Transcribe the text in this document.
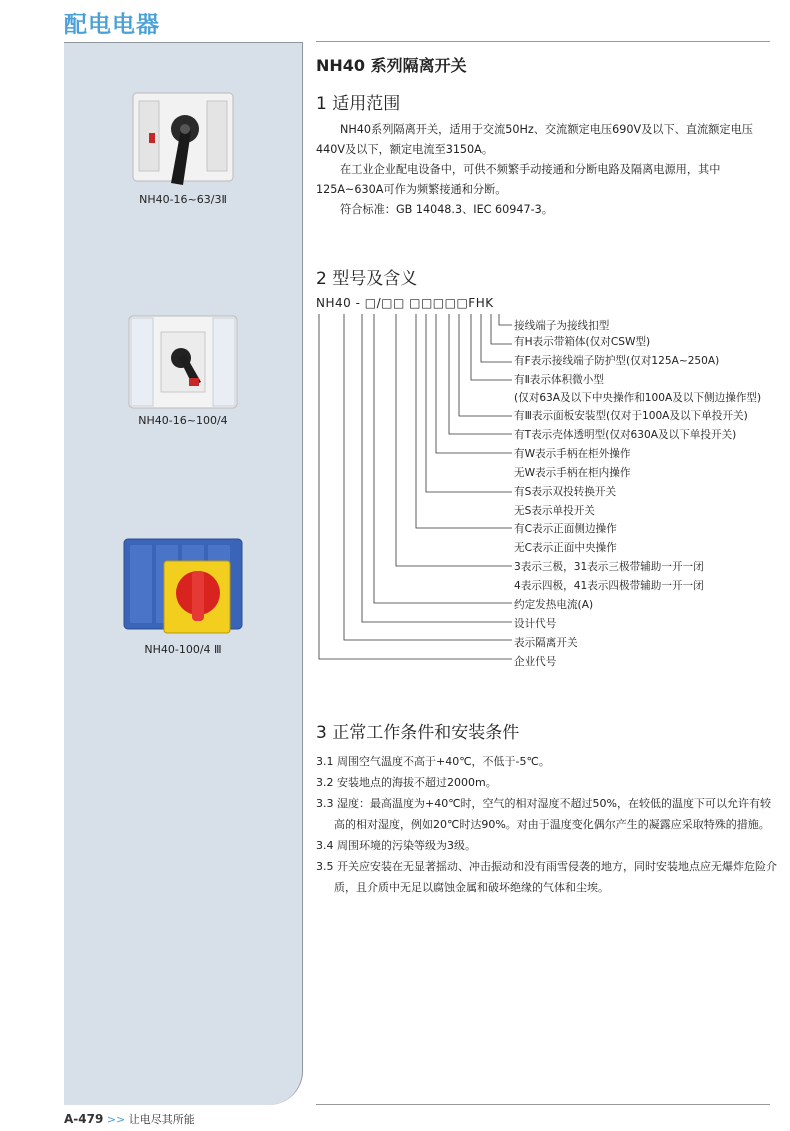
配电电器
NH40-16~63/3Ⅱ
NH40-16~100/4
NH40-100/4 Ⅲ
NH40 系列隔离开关
1 适用范围

NH40系列隔离开关，适用于交流50Hz、交流额定电压690V及以下、直流额定电压440V及以下，额定电流至3150A。

在工业企业配电设备中，可供不频繁手动接通和分断电路及隔离电源用，其中125A~630A可作为频繁接通和分断。

符合标准：GB 14048.3、IEC 60947-3。

2 型号及含义
NH40 - □/□□ □□□□□FHK
接线端子为接线扣型
有H表示带箱体(仅对CSW型)
有F表示接线端子防护型(仅对125A~250A)
有Ⅱ表示体积微小型
(仅对63A及以下中央操作和100A及以下侧边操作型)
有Ⅲ表示面板安装型(仅对于100A及以下单投开关)
有T表示壳体透明型(仅对630A及以下单投开关)
有W表示手柄在柜外操作
无W表示手柄在柜内操作
有S表示双投转换开关
无S表示单投开关
有C表示正面侧边操作
无C表示正面中央操作
3表示三极，31表示三极带辅助一开一闭
4表示四极，41表示四极带辅助一开一闭
约定发热电流(A)
设计代号
表示隔离开关
企业代号
3 正常工作条件和安装条件
3.1 周围空气温度不高于+40℃，不低于-5℃。
3.2 安装地点的海拔不超过2000m。
3.3 湿度：最高温度为+40℃时，空气的相对湿度不超过50%，在较低的温度下可以允许有较高的相对湿度，例如20℃时达90%。对由于温度变化偶尔产生的凝露应采取特殊的措施。
3.4 周围环境的污染等级为3级。
3.5 开关应安装在无显著摇动、冲击振动和没有雨雪侵袭的地方，同时安装地点应无爆炸危险介质，且介质中无足以腐蚀金属和破坏绝缘的气体和尘埃。
A-479 >> 让电尽其所能
